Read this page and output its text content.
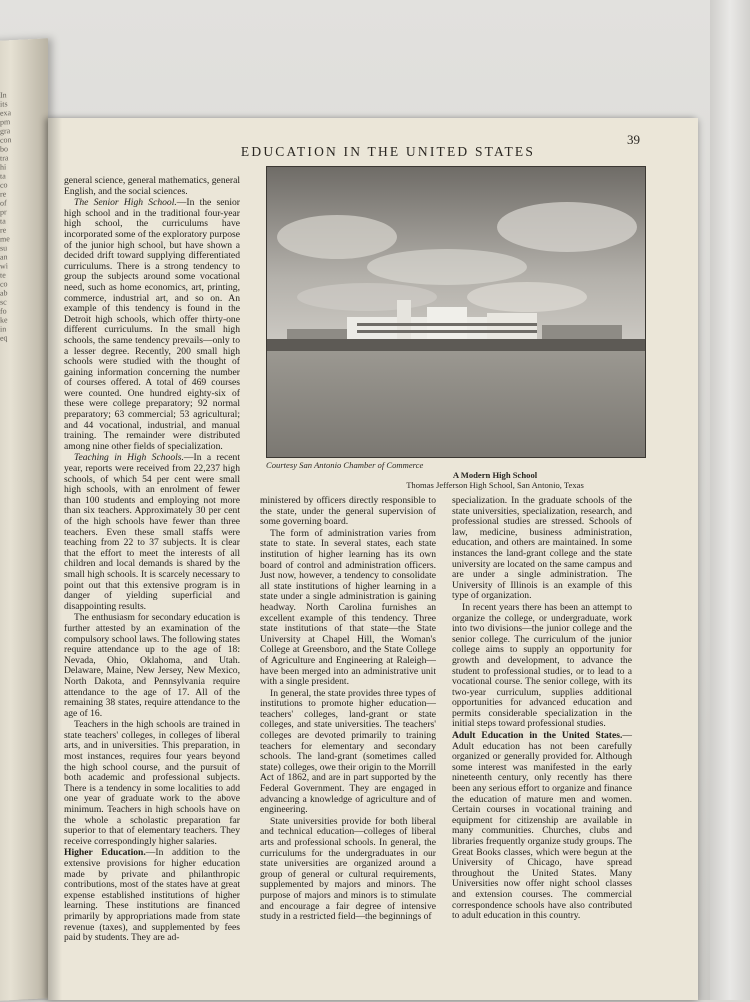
In
its
exa
pm
gra
con
bo
tra
hi
ta
co
re
of
pr
ta
re
me
su
an
wi
te
co
ab
sc
fo
ke
in
eq
EDUCATION IN THE UNITED STATES
39

general science, general mathematics, general English, and the social sciences.

The Senior High School.—In the senior high school and in the traditional four-year high school, the curriculums have incorporated some of the exploratory purpose of the junior high school, but have shown a decided drift toward supplying differentiated curriculums. There is a strong tendency to group the subjects around some vocational need, such as home economics, art, printing, commerce, industrial art, and so on. An example of this tendency is found in the Detroit high schools, which offer thirty-one different curriculums. In the small high schools, the same tendency prevails—only to a lesser degree. Recently, 200 small high schools were studied with the thought of gaining information concerning the number of courses offered. A total of 469 courses were counted. One hundred eighty-six of these were college preparatory; 92 normal preparatory; 63 commercial; 53 agricultural; and 44 vocational, industrial, and manual training. The remainder were distributed among nine other fields of specialization.

Teaching in High Schools.—In a recent year, reports were received from 22,237 high schools, of which 54 per cent were small high schools, with an enrolment of fewer than 100 students and employing not more than six teachers. Approximately 30 per cent of the high schools have fewer than three teachers. Even these small staffs were teaching from 22 to 37 subjects. It is clear that the effort to meet the interests of all children and local demands is shared by the small high schools. It is scarcely necessary to point out that this extensive program is in danger of yielding superficial and disappointing results.

The enthusiasm for secondary education is further attested by an examination of the compulsory school laws. The following states require attendance up to the age of 18: Nevada, Ohio, Oklahoma, and Utah. Delaware, Maine, New Jersey, New Mexico, North Dakota, and Pennsylvania require attendance to the age of 17. All of the remaining 38 states, require attendance to the age of 16.

Teachers in the high schools are trained in state teachers' colleges, in colleges of liberal arts, and in universities. This preparation, in most instances, requires four years beyond the high school course, and the pursuit of both academic and professional subjects. There is a tendency in some localities to add one year of graduate work to the above minimum. Teachers in high schools have on the whole a scholastic preparation far superior to that of elementary teachers. They receive correspondingly higher salaries.

Higher Education.—In addition to the extensive provisions for higher education made by private and philanthropic contributions, most of the states have at great expense established institutions of higher learning. These institutions are financed primarily by appropriations made from state revenue (taxes), and supplemented by fees paid by students. They are ad-

Courtesy San Antonio Chamber of Commerce
A Modern High School
Thomas Jefferson High School, San Antonio, Texas

ministered by officers directly responsible to the state, under the general supervision of some governing board.

The form of administration varies from state to state. In several states, each state institution of higher learning has its own board of control and administration officers. Just now, however, a tendency to consolidate all state institutions of higher learning in a state under a single administration is gaining headway. North Carolina furnishes an excellent example of this tendency. Three state institutions of that state—the State University at Chapel Hill, the Woman's College at Greensboro, and the State College of Agriculture and Engineering at Raleigh—have been merged into an administrative unit with a single president.

In general, the state provides three types of institutions to promote higher education—teachers' colleges, land-grant or state colleges, and state universities. The teachers' colleges are devoted primarily to training teachers for elementary and secondary schools. The land-grant (sometimes called state) colleges, owe their origin to the Morrill Act of 1862, and are in part supported by the Federal Government. They are engaged in advancing a knowledge of agriculture and of engineering.

State universities provide for both liberal and technical education—colleges of liberal arts and professional schools. In general, the curriculums for the undergraduates in our state universities are organized around a group of general or cultural requirements, supplemented by majors and minors. The purpose of majors and minors is to stimulate and encourage a fair degree of intensive study in a restricted field—the beginnings of

specialization. In the graduate schools of the state universities, specialization, research, and professional studies are stressed. Schools of law, medicine, business administration, education, and others are maintained. In some instances the land-grant college and the state university are located on the same campus and are under a single administration. The University of Illinois is an example of this type of organization.

In recent years there has been an attempt to organize the college, or undergraduate, work into two divisions—the junior college and the senior college. The curriculum of the junior college aims to supply an opportunity for growth and development, to advance the student to professional studies, or to lead to a vocational course. The senior college, with its two-year curriculum, supplies additional opportunities for advanced education and permits considerable specialization in the initial steps toward professional studies.

Adult Education in the United States.—Adult education has not been carefully organized or generally provided for. Although some interest was manifested in the early nineteenth century, only recently has there been any serious effort to organize and finance the education of mature men and women. Certain courses in vocational training and equipment for citizenship are available in many communities. Churches, clubs and libraries frequently organize study groups. The Great Books classes, which were begun at the University of Chicago, have spread throughout the United States. Many Universities now offer night school classes and extension courses. The commercial correspondence schools have also contributed to adult education in this country.
